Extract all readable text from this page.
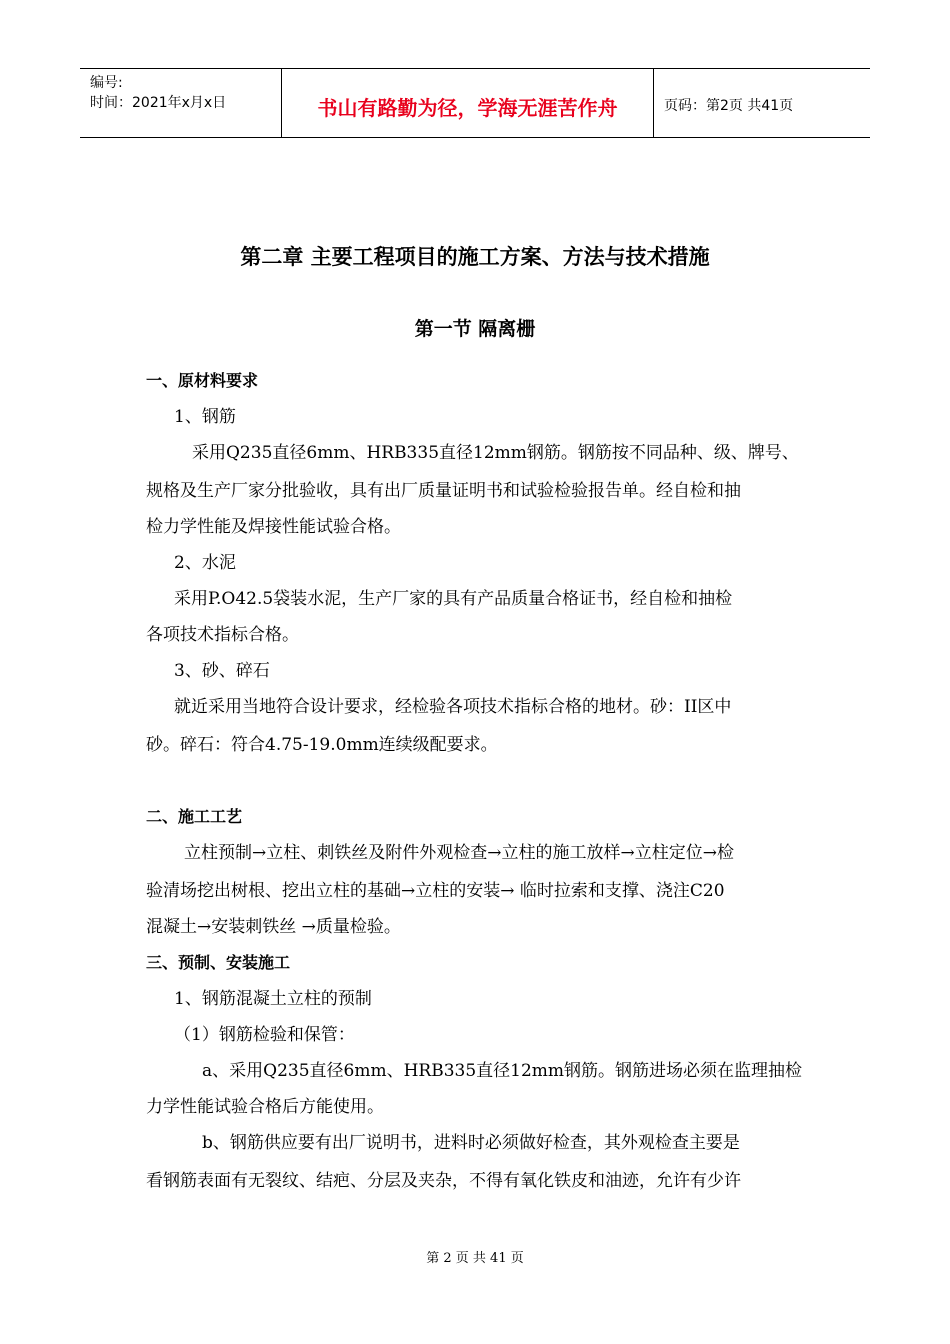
编号:
时间：2021年x月x日	书山有路勤为径，学海无涯苦作舟	页码：第2页 共41页
第二章 主要工程项目的施工方案、方法与技术措施
第一节 隔离栅
一、原材料要求
1、钢筋
采用Q235直径6mm、HRB335直径12mm钢筋。钢筋按不同品种、级、牌号、
规格及生产厂家分批验收，具有出厂质量证明书和试验检验报告单。经自检和抽
检力学性能及焊接性能试验合格。
2、水泥
采用P.O42.5袋装水泥，生产厂家的具有产品质量合格证书，经自检和抽检
各项技术指标合格。
3、砂、碎石
就近采用当地符合设计要求，经检验各项技术指标合格的地材。砂：II区中
砂。碎石：符合4.75-19.0mm连续级配要求。
二、施工工艺
立柱预制→立柱、刺铁丝及附件外观检查→立柱的施工放样→立柱定位→检
验清场挖出树根、挖出立柱的基础→立柱的安装→ 临时拉索和支撑、浇注C20
混凝土→安装刺铁丝 →质量检验。
三、预制、安装施工
1、钢筋混凝土立柱的预制
（1）钢筋检验和保管：
a、采用Q235直径6mm、HRB335直径12mm钢筋。钢筋进场必须在监理抽检
力学性能试验合格后方能使用。
b、钢筋供应要有出厂说明书，进料时必须做好检查，其外观检查主要是
看钢筋表面有无裂纹、结疤、分层及夹杂，不得有氧化铁皮和油迹，允许有少许
第 2 页 共 41 页
